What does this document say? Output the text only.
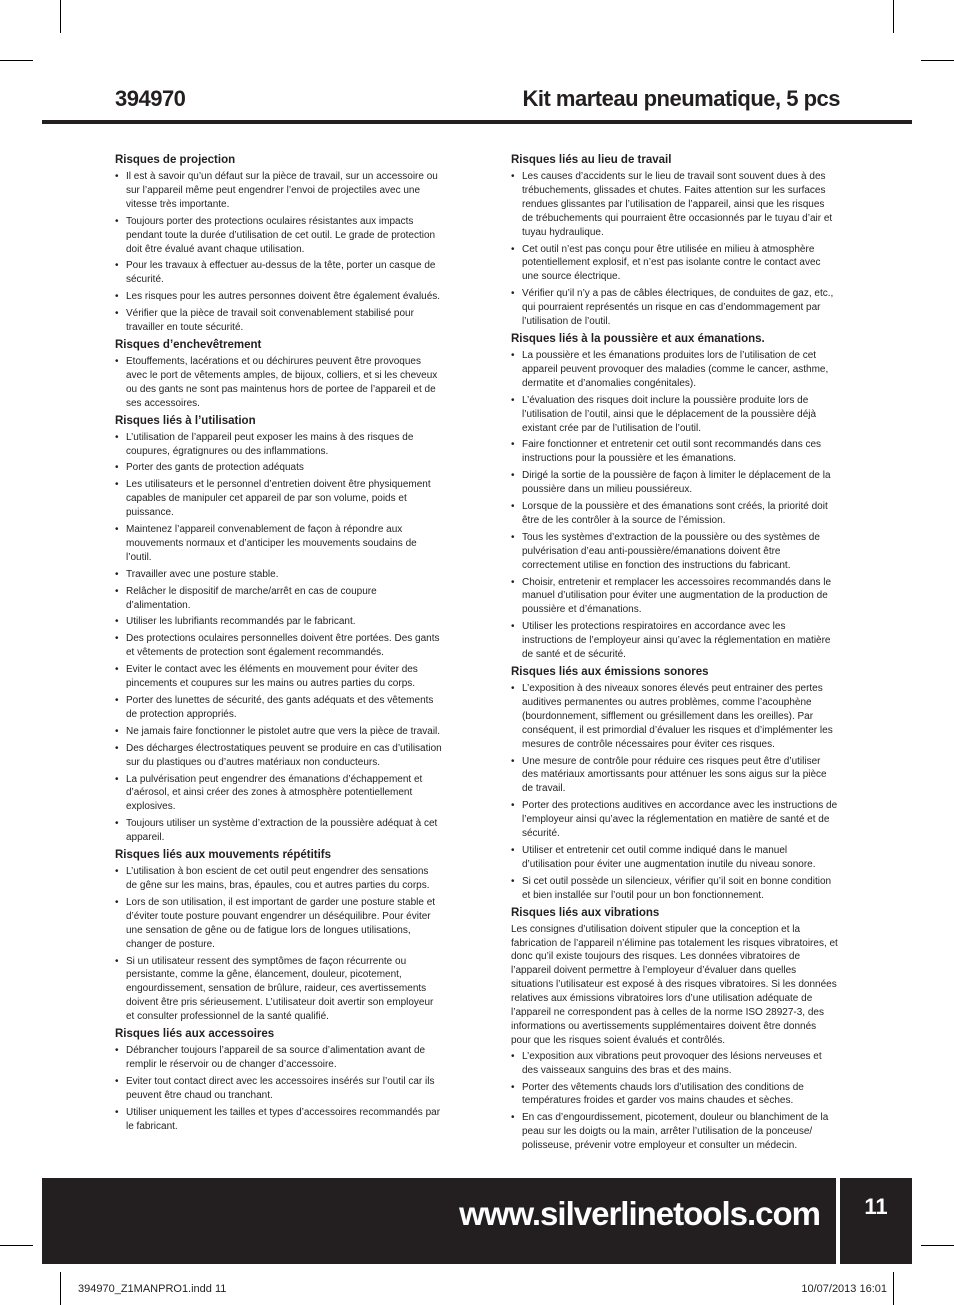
394970	Kit marteau pneumatique, 5 pcs
Risques de projection
• Il est à savoir qu’un défaut sur la pièce de travail, sur un accessoire ou sur l’appareil même peut engendrer l’envoi de projectiles avec une vitesse très importante.
• Toujours porter des protections oculaires résistantes aux impacts pendant toute la durée d’utilisation de cet outil. Le grade de protection doit être évalué avant chaque utilisation.
• Pour les travaux à effectuer au-dessus de la tête, porter un casque de sécurité.
• Les risques pour les autres personnes doivent être également évalués.
• Vérifier que la pièce de travail soit convenablement stabilisé pour travailler en toute sécurité.
Risques d’enchevêtrement
• Etouffements, lacérations et ou déchirures peuvent être provoques avec le port de vêtements amples, de bijoux, colliers, et si les cheveux ou des gants ne sont pas maintenus hors de portee de l’appareil et de ses accessoires.
Risques liés à l’utilisation
• L’utilisation de l’appareil peut exposer les mains à des risques de coupures, égratignures ou des inflammations.
• Porter des gants de protection adéquats
• Les utilisateurs et le personnel d’entretien doivent être physiquement capables de manipuler cet appareil de par son volume, poids et puissance.
• Maintenez l’appareil convenablement de façon à répondre aux mouvements normaux et d’anticiper les mouvements soudains de l’outil.
• Travailler avec une posture stable.
• Relâcher le dispositif de marche/arrêt en cas de coupure d’alimentation.
• Utiliser les lubrifiants recommandés par le fabricant.
• Des protections oculaires personnelles doivent être portées. Des gants et vêtements de protection sont également recommandés.
• Eviter le contact avec les éléments en mouvement pour éviter des pincements et coupures sur les mains ou autres parties du corps.
• Porter des lunettes de sécurité, des gants adéquats et des vêtements de protection appropriés.
• Ne jamais faire fonctionner le pistolet autre que vers la pièce de travail.
• Des décharges électrostatiques peuvent se produire en cas d’utilisation sur du plastiques ou d’autres matériaux non conducteurs.
• La pulvérisation peut engendrer des émanations d’échappement et d’aérosol, et ainsi créer des zones à atmosphère potentiellement explosives.
• Toujours utiliser un système d’extraction de la poussière adéquat à cet appareil.
Risques liés aux mouvements répétitifs
• L’utilisation à bon escient de cet outil peut engendrer des sensations de gêne sur les mains, bras, épaules, cou et autres parties du corps.
• Lors de son utilisation, il est important de garder une posture stable et d’éviter toute posture pouvant engendrer un déséquilibre. Pour éviter une sensation de gêne ou de fatigue lors de longues utilisations, changer de posture.
• Si un utilisateur ressent des symptômes de façon récurrente ou persistante, comme la gêne, élancement, douleur, picotement, engourdissement, sensation de brûlure, raideur, ces avertissements doivent être pris sérieusement. L’utilisateur doit avertir son employeur et consulter professionnel de la santé qualifié.
Risques liés aux accessoires
• Débrancher toujours l’appareil de sa source d’alimentation avant de remplir le réservoir ou de changer d’accessoire.
• Eviter tout contact direct avec les accessoires insérés sur l’outil car ils peuvent être chaud ou tranchant.
• Utiliser uniquement les tailles et types d’accessoires recommandés par le fabricant.
Risques liés au lieu de travail
• Les causes d’accidents sur le lieu de travail sont souvent dues à des trébuchements, glissades et chutes. Faites attention sur les surfaces rendues glissantes par l’utilisation de l’appareil, ainsi que les risques de trébuchements qui pourraient être occasionnés par le tuyau d’air et tuyau hydraulique.
• Cet outil n’est pas conçu pour être utilisée en milieu à atmosphère potentiellement explosif, et n’est pas isolante contre le contact avec une source électrique.
• Vérifier qu’il n’y a pas de câbles électriques, de conduites de gaz, etc., qui pourraient représentés un risque en cas d’endommagement par l’utilisation de l’outil.
Risques liés à la poussière et aux émanations.
• La poussière et les émanations produites lors de l’utilisation de cet appareil peuvent provoquer des maladies (comme le cancer, asthme, dermatite et d’anomalies congénitales).
• L’évaluation des risques doit inclure la poussière produite lors de l’utilisation de l’outil, ainsi que le déplacement de la poussière déjà existant crée par de l’utilisation de l’outil.
• Faire fonctionner et entretenir cet outil sont recommandés dans ces instructions pour la poussière et les émanations.
• Dirigé la sortie de la poussière de façon à limiter le déplacement de la poussière dans un milieu poussiéreux.
• Lorsque de la poussière et des émanations sont créés, la priorité doit être de les contrôler à la source de l’émission.
• Tous les systèmes d’extraction de la poussière ou des systèmes de pulvérisation d’eau anti-poussière/émanations doivent être correctement utilise en fonction des instructions du fabricant.
• Choisir, entretenir et remplacer les accessoires recommandés dans le manuel d’utilisation pour éviter une augmentation de la production de poussière et d’émanations.
• Utiliser les protections respiratoires en accordance avec les instructions de l’employeur ainsi qu’avec la réglementation en matière de santé et de sécurité.
Risques liés aux émissions sonores
• L’exposition à des niveaux sonores élevés peut entrainer des pertes auditives permanentes ou autres problèmes, comme l’acouphène (bourdonnement, sifflement ou grésillement dans les oreilles). Par conséquent, il est primordial d’évaluer les risques et d’implémenter les mesures de contrôle nécessaires pour éviter ces risques.
• Une mesure de contrôle pour réduire ces risques peut être d’utiliser des matériaux amortissants pour atténuer les sons aigus sur la pièce de travail.
• Porter des protections auditives en accordance avec les instructions de l’employeur ainsi qu’avec la réglementation en matière de santé et de sécurité.
• Utiliser et entretenir cet outil comme indiqué dans le manuel d’utilisation pour éviter une augmentation inutile du niveau sonore.
• Si cet outil possède un silencieux, vérifier qu’il soit en bonne condition et bien installée sur l’outil pour un bon fonctionnement.
Risques liés aux vibrations
Les consignes d’utilisation doivent stipuler que la conception et la fabrication de l’appareil n’élimine pas totalement les risques vibratoires, et donc qu’il existe toujours des risques. Les données vibratoires de l’appareil doivent permettre à l’employeur d’évaluer dans quelles situations l’utilisateur est exposé à des risques vibratoires. Si les données relatives aux émissions vibratoires lors d’une utilisation adéquate de l’appareil ne correspondent pas à celles de la norme ISO 28927-3, des informations ou avertissements supplémentaires doivent être donnés pour que les risques soient évalués et contrôlés.
• L’exposition aux vibrations peut provoquer des lésions nerveuses et des vaisseaux sanguins des bras et des mains.
• Porter des vêtements chauds lors d’utilisation des conditions de températures froides et garder vos mains chaudes et sèches.
• En cas d’engourdissement, picotement, douleur ou blanchiment de la peau sur les doigts ou la main, arrêter l’utilisation de la ponceuse/ polisseuse, prévenir votre employeur et consulter un médecin.
www.silverlinetools.com	11
394970_Z1MANPRO1.indd 11	10/07/2013 16:01
